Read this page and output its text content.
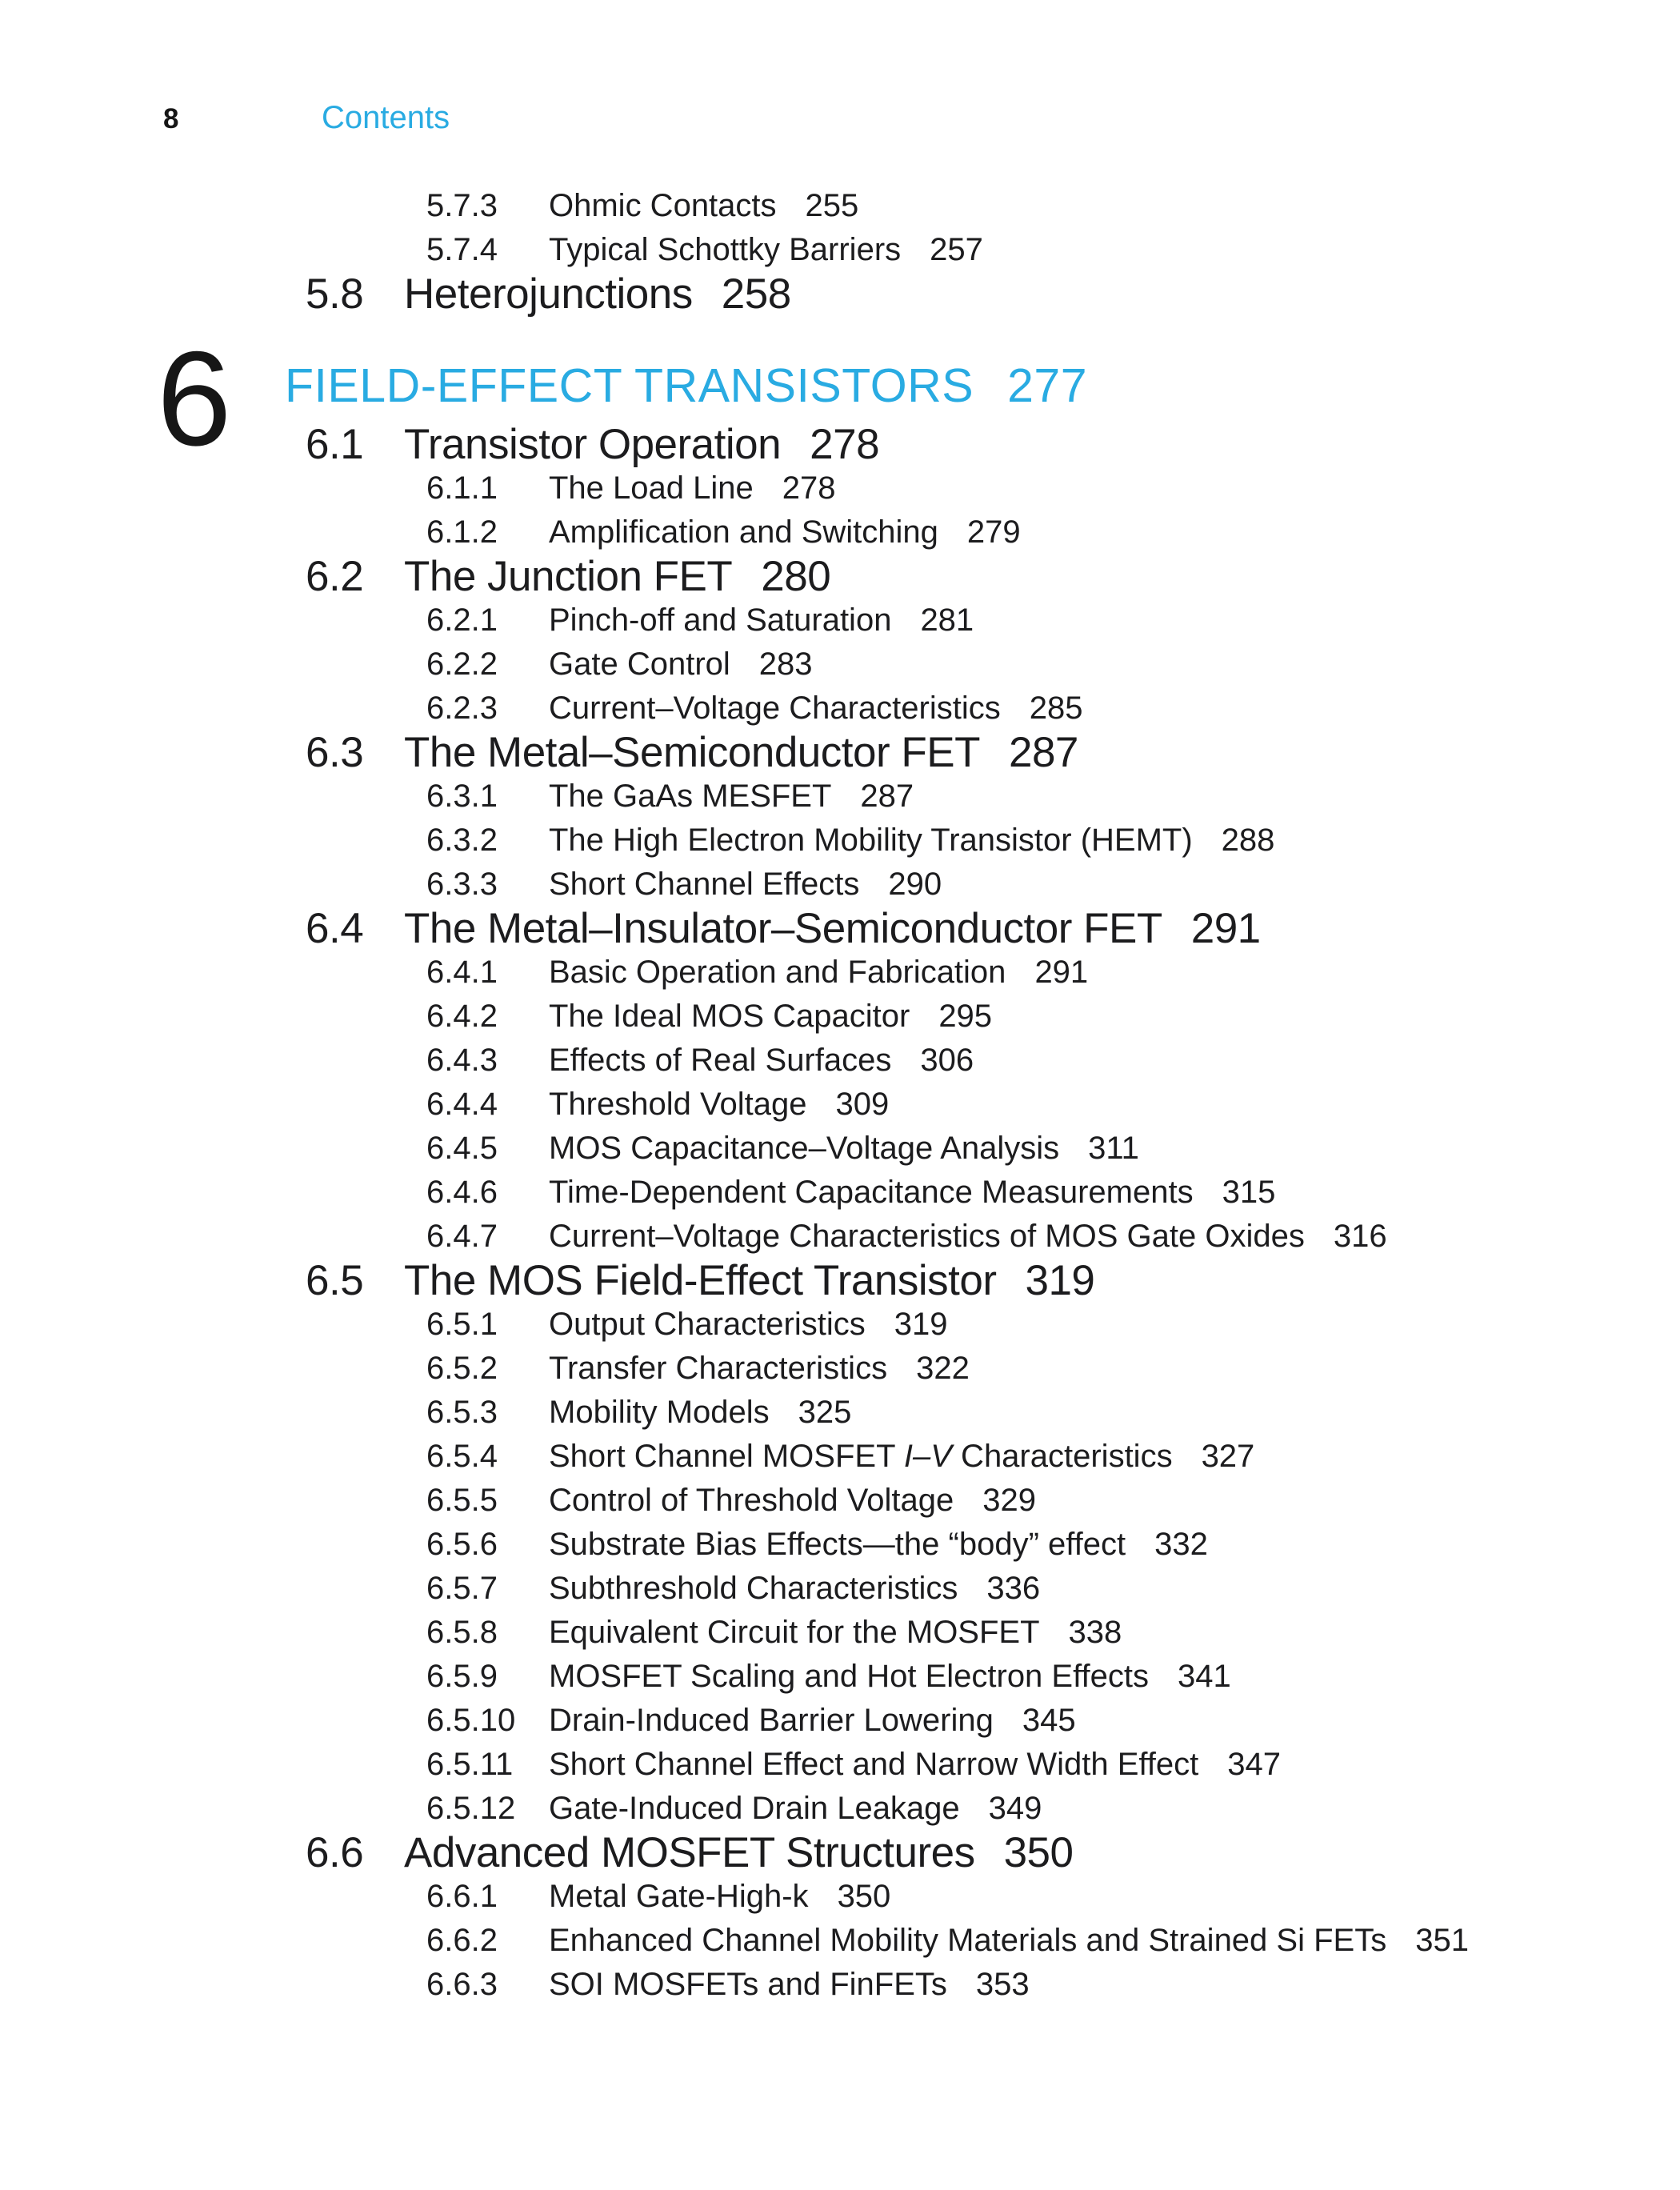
8	Contents
5.7.3	Ohmic Contacts 255
5.7.4	Typical Schottky Barriers 257
5.8 Heterojunctions 258
6 FIELD-EFFECT TRANSISTORS 277
6.1 Transistor Operation 278
6.1.1	The Load Line 278
6.1.2	Amplification and Switching 279
6.2 The Junction FET 280
6.2.1	Pinch-off and Saturation 281
6.2.2	Gate Control 283
6.2.3	Current–Voltage Characteristics 285
6.3 The Metal–Semiconductor FET 287
6.3.1	The GaAs MESFET 287
6.3.2	The High Electron Mobility Transistor (HEMT) 288
6.3.3	Short Channel Effects 290
6.4 The Metal–Insulator–Semiconductor FET 291
6.4.1	Basic Operation and Fabrication 291
6.4.2	The Ideal MOS Capacitor 295
6.4.3	Effects of Real Surfaces 306
6.4.4	Threshold Voltage 309
6.4.5	MOS Capacitance–Voltage Analysis 311
6.4.6	Time-Dependent Capacitance Measurements 315
6.4.7	Current–Voltage Characteristics of MOS Gate Oxides 316
6.5 The MOS Field-Effect Transistor 319
6.5.1	Output Characteristics 319
6.5.2	Transfer Characteristics 322
6.5.3	Mobility Models 325
6.5.4	Short Channel MOSFET I–V Characteristics 327
6.5.5	Control of Threshold Voltage 329
6.5.6	Substrate Bias Effects—the “body” effect 332
6.5.7	Subthreshold Characteristics 336
6.5.8	Equivalent Circuit for the MOSFET 338
6.5.9	MOSFET Scaling and Hot Electron Effects 341
6.5.10	Drain-Induced Barrier Lowering 345
6.5.11	Short Channel Effect and Narrow Width Effect 347
6.5.12	Gate-Induced Drain Leakage 349
6.6 Advanced MOSFET Structures 350
6.6.1	Metal Gate-High-k 350
6.6.2	Enhanced Channel Mobility Materials and Strained Si FETs 351
6.6.3	SOI MOSFETs and FinFETs 353
